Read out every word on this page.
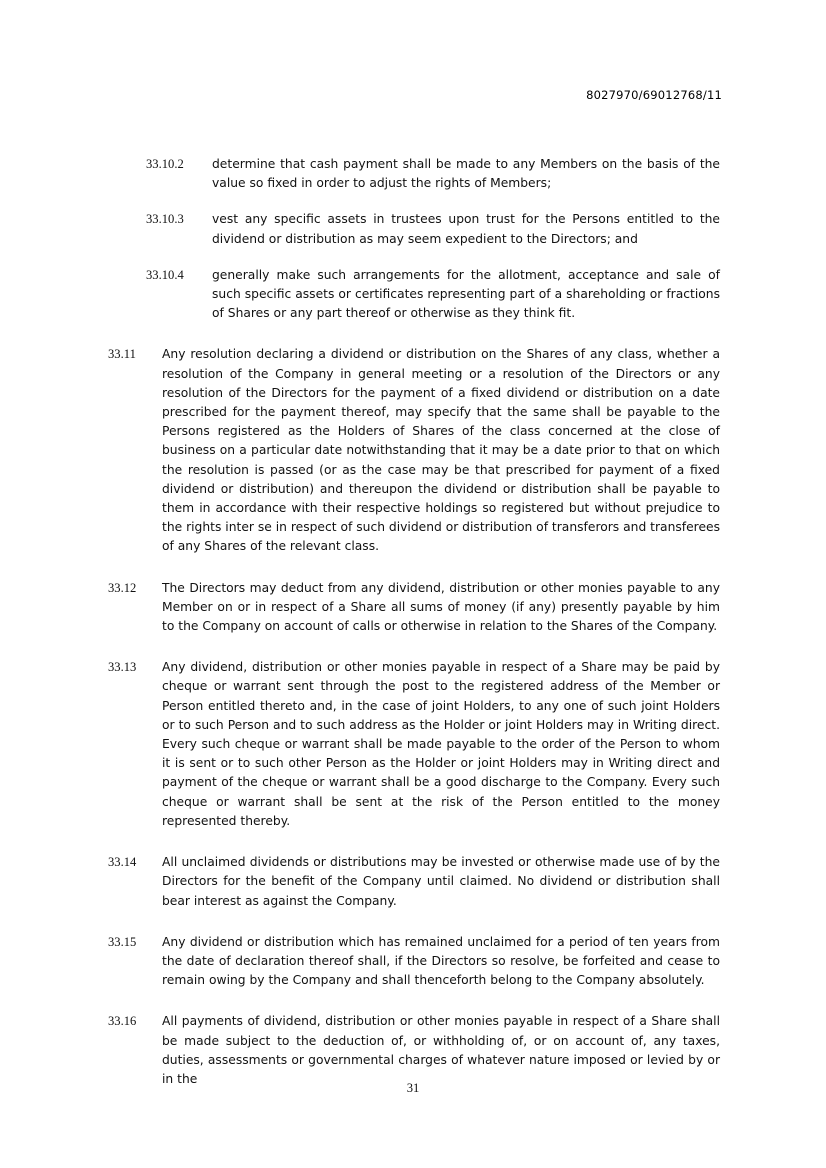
8027970/69012768/11
33.10.2	determine that cash payment shall be made to any Members on the basis of the value so fixed in order to adjust the rights of Members;
33.10.3	vest any specific assets in trustees upon trust for the Persons entitled to the dividend or distribution as may seem expedient to the Directors; and
33.10.4	generally make such arrangements for the allotment, acceptance and sale of such specific assets or certificates representing part of a shareholding or fractions of Shares or any part thereof or otherwise as they think fit.
33.11	Any resolution declaring a dividend or distribution on the Shares of any class, whether a resolution of the Company in general meeting or a resolution of the Directors or any resolution of the Directors for the payment of a fixed dividend or distribution on a date prescribed for the payment thereof, may specify that the same shall be payable to the Persons registered as the Holders of Shares of the class concerned at the close of business on a particular date notwithstanding that it may be a date prior to that on which the resolution is passed (or as the case may be that prescribed for payment of a fixed dividend or distribution) and thereupon the dividend or distribution shall be payable to them in accordance with their respective holdings so registered but without prejudice to the rights inter se in respect of such dividend or distribution of transferors and transferees of any Shares of the relevant class.
33.12	The Directors may deduct from any dividend, distribution or other monies payable to any Member on or in respect of a Share all sums of money (if any) presently payable by him to the Company on account of calls or otherwise in relation to the Shares of the Company.
33.13	Any dividend, distribution or other monies payable in respect of a Share may be paid by cheque or warrant sent through the post to the registered address of the Member or Person entitled thereto and, in the case of joint Holders, to any one of such joint Holders or to such Person and to such address as the Holder or joint Holders may in Writing direct. Every such cheque or warrant shall be made payable to the order of the Person to whom it is sent or to such other Person as the Holder or joint Holders may in Writing direct and payment of the cheque or warrant shall be a good discharge to the Company. Every such cheque or warrant shall be sent at the risk of the Person entitled to the money represented thereby.
33.14	All unclaimed dividends or distributions may be invested or otherwise made use of by the Directors for the benefit of the Company until claimed. No dividend or distribution shall bear interest as against the Company.
33.15	Any dividend or distribution which has remained unclaimed for a period of ten years from the date of declaration thereof shall, if the Directors so resolve, be forfeited and cease to remain owing by the Company and shall thenceforth belong to the Company absolutely.
33.16	All payments of dividend, distribution or other monies payable in respect of a Share shall be made subject to the deduction of, or withholding of, or on account of, any taxes, duties, assessments or governmental charges of whatever nature imposed or levied by or in the
31
